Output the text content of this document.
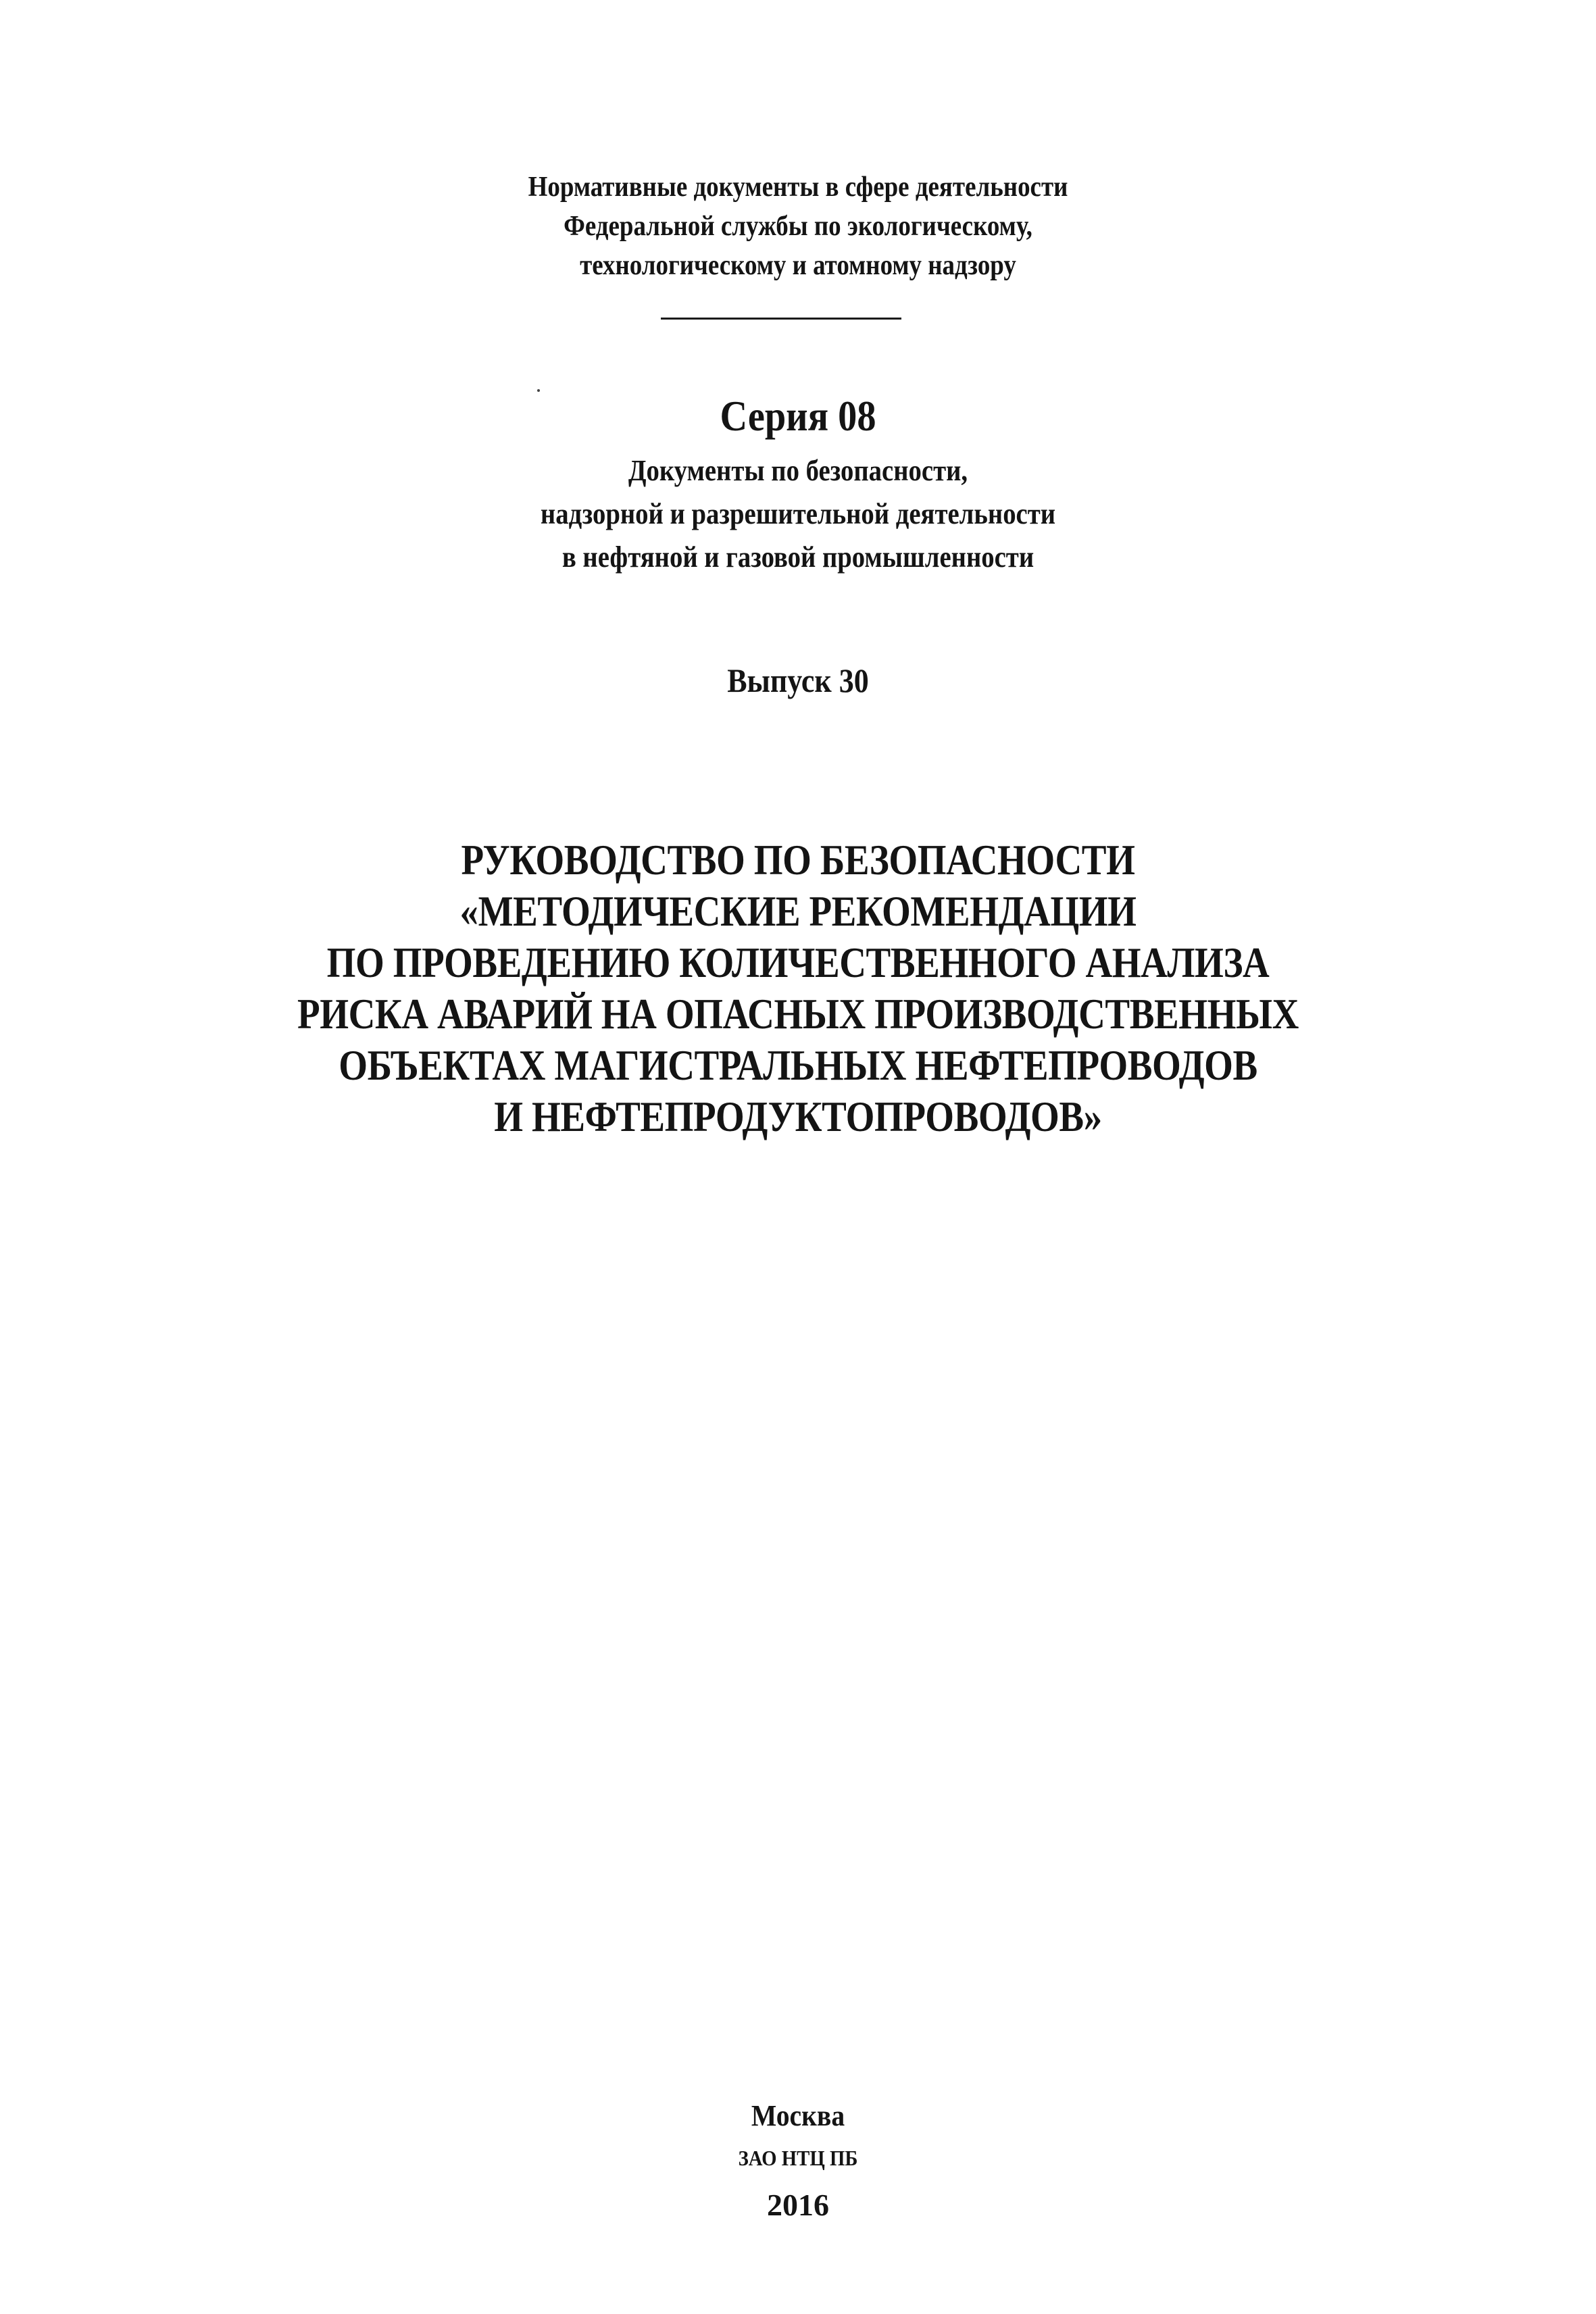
Нормативные документы в сфере деятельности
Федеральной службы по экологическому,
технологическому и атомному надзору
Серия 08
Документы по безопасности,
надзорной и разрешительной деятельности
в нефтяной и газовой промышленности
Выпуск 30
РУКОВОДСТВО ПО БЕЗОПАСНОСТИ
«МЕТОДИЧЕСКИЕ РЕКОМЕНДАЦИИ
ПО ПРОВЕДЕНИЮ КОЛИЧЕСТВЕННОГО АНАЛИЗА
РИСКА АВАРИЙ НА ОПАСНЫХ ПРОИЗВОДСТВЕННЫХ
ОБЪЕКТАХ МАГИСТРАЛЬНЫХ НЕФТЕПРОВОДОВ
И НЕФТЕПРОДУКТОПРОВОДОВ»
Москва
ЗАО НТЦ ПБ
2016
